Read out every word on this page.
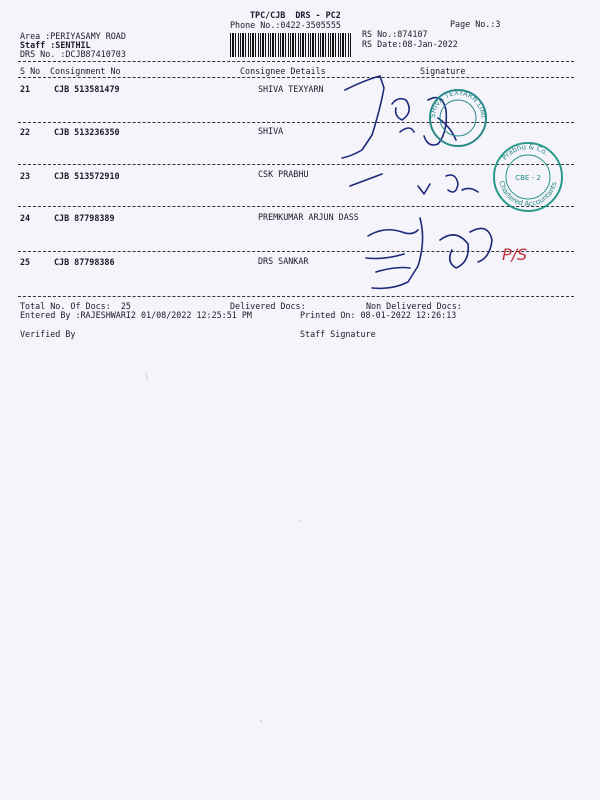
TPC/CJB  DRS - PC2
Phone No.:0422-3505555	Page No.:3
Area :PERIYASAMY ROAD
Staff :SENTHIL
DRS No. :DCJB87410703
RS No.:874107
RS Date:08-Jan-2022
S No Consignment No	Consignee Details	Signature
21	CJB 513581479	SHIVA TEXYARN
22	CJB 513236350	SHIVA
23	CJB 513572910	CSK PRABHU
24	CJB 87798389	PREMKUMAR ARJUN DASS
25	CJB 87798386	DRS SANKAR
Total No. Of Docs:  25	Delivered Docs:	Non Delivered Docs:
Entered By :RAJESHWARI2 01/08/2022 12:25:51 PM	Printed On: 08-01-2022 12:26:13
Verified By	Staff Signature
SHIVA TEXYARN LIMITED
Prabhu & Co.
CBE - 2
Chartered Accountants
P/S
